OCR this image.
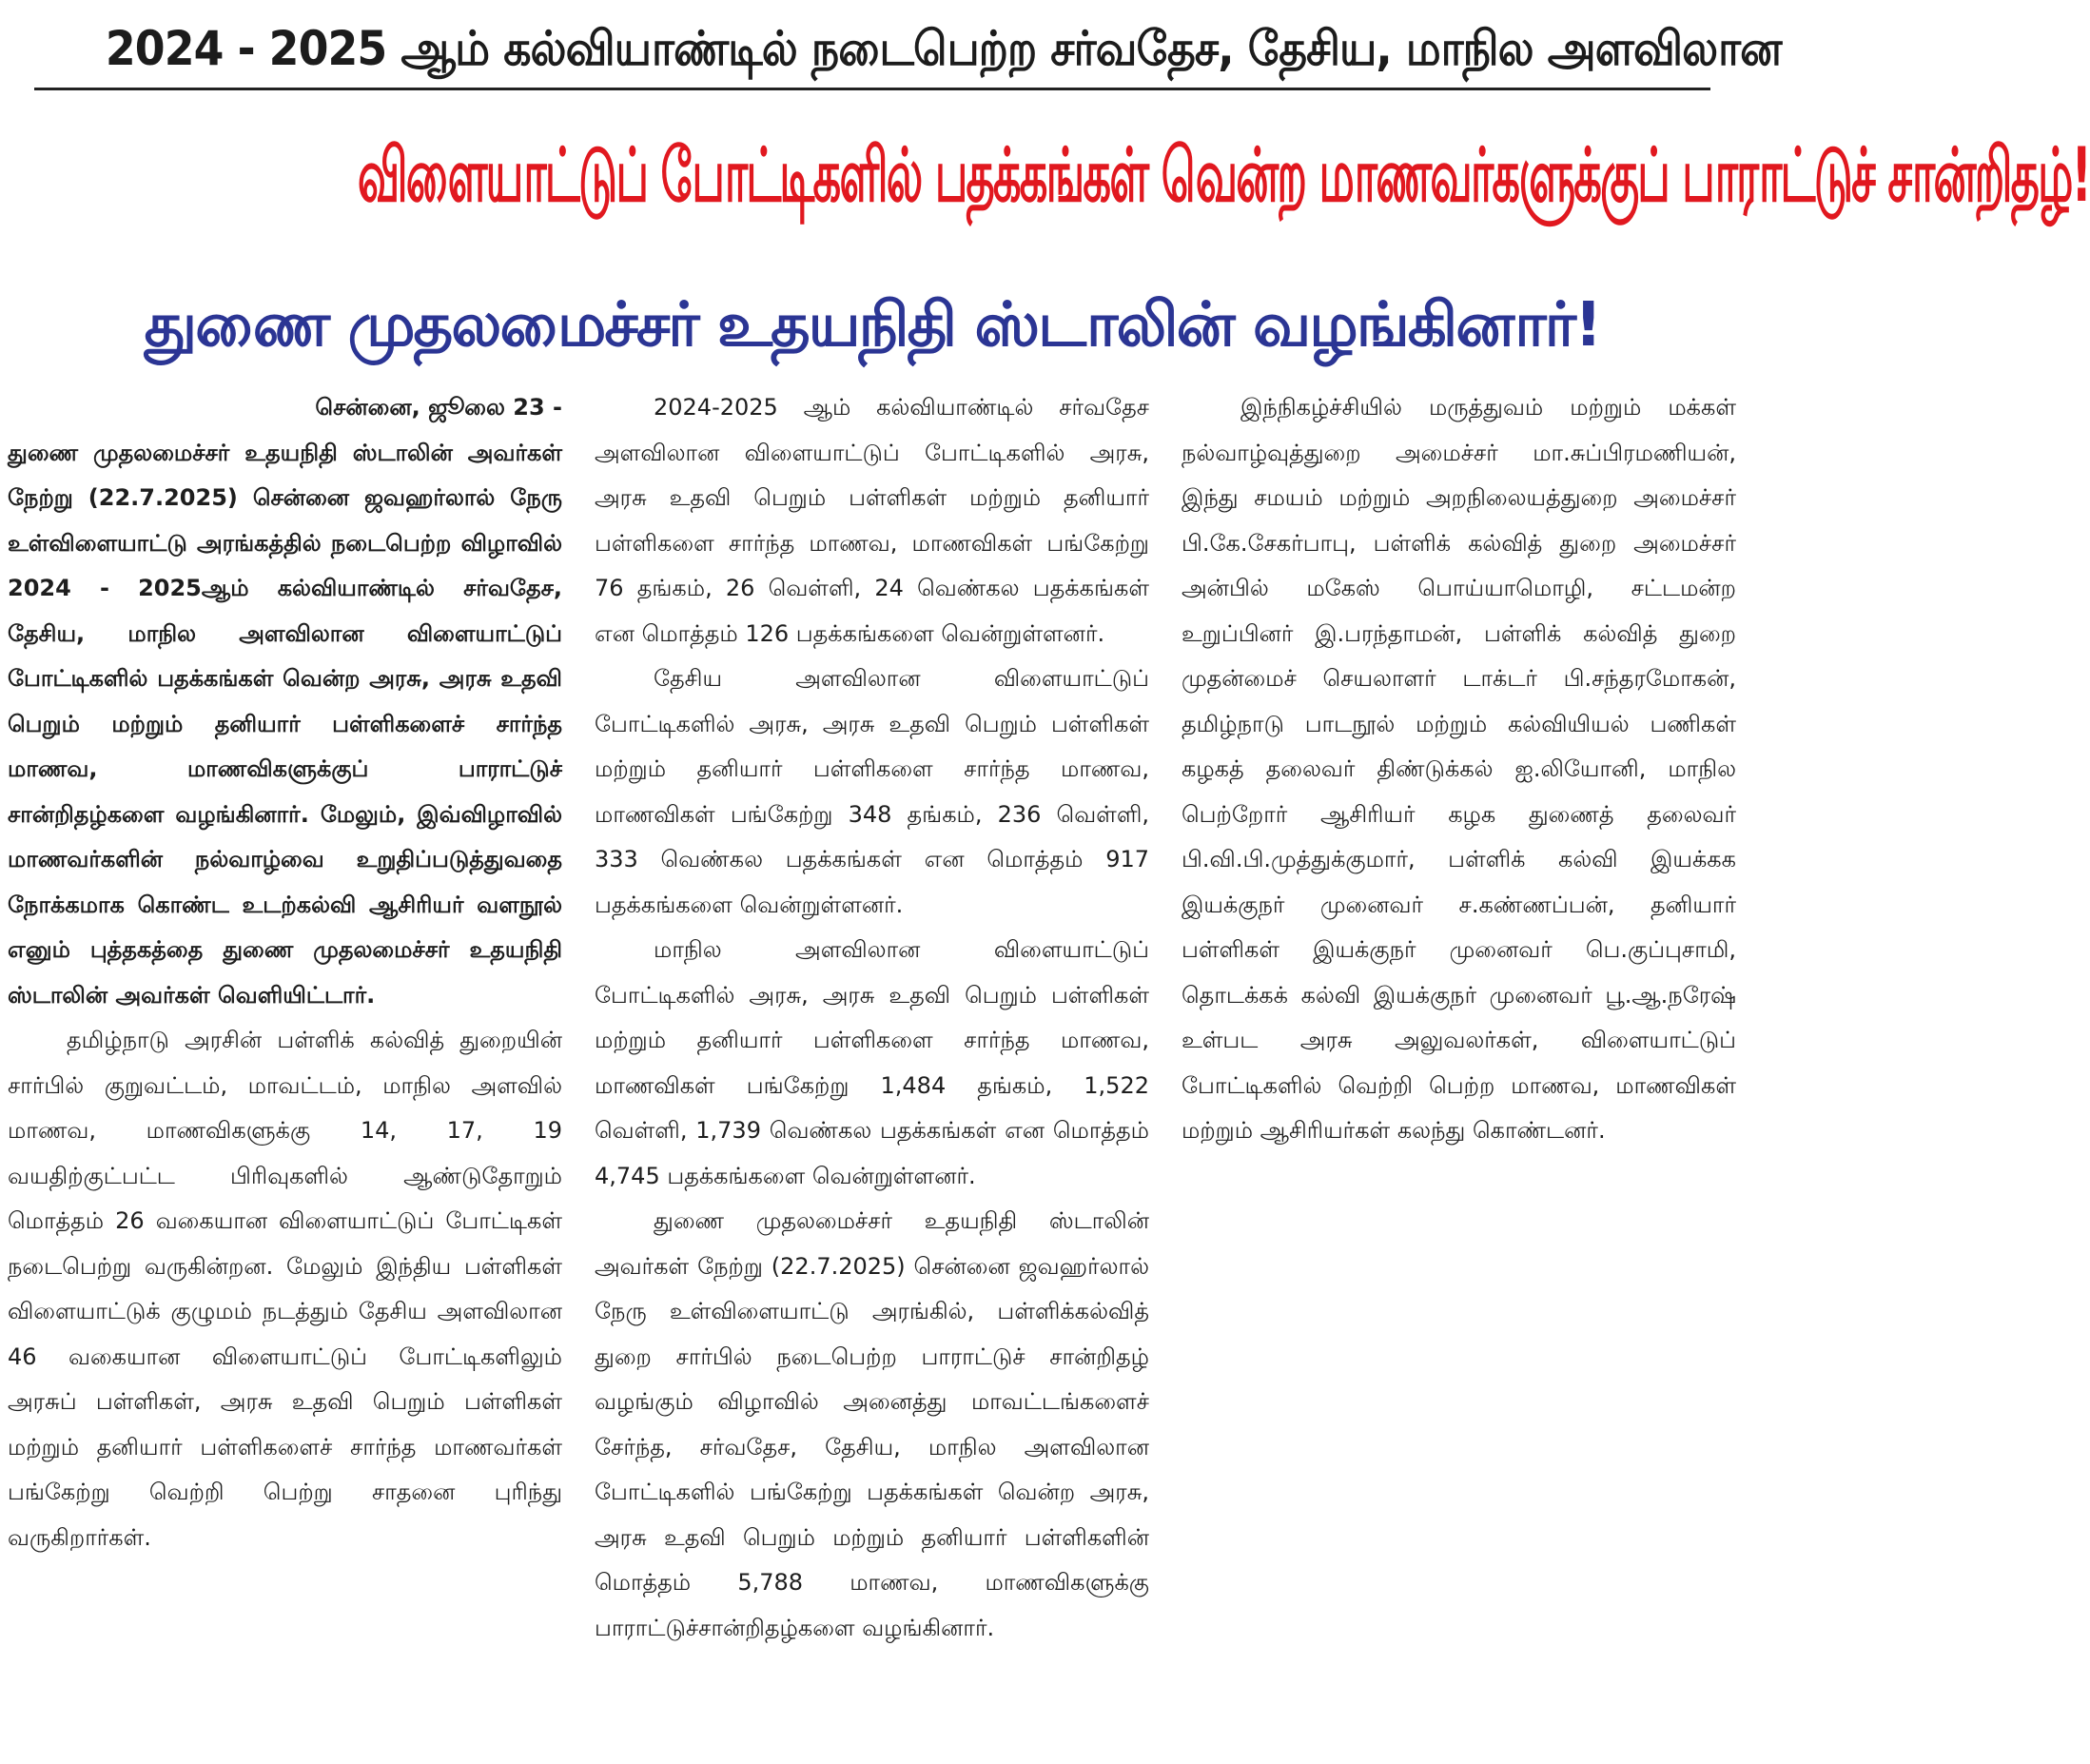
2024 - 2025 ஆம் கல்வியாண்டில் நடைபெற்ற சர்வதேச, தேசிய, மாநில அளவிலான
விளையாட்டுப் போட்டிகளில் பதக்கங்கள் வென்ற மாணவர்களுக்குப் பாராட்டுச் சான்றிதழ்!
துணை முதலமைச்சர் உதயநிதி ஸ்டாலின் வழங்கினார்!

சென்னை, ஜூலை 23 -
துணை முதலமைச்சர் உதயநிதி ஸ்டாலின் அவர்கள் நேற்று (22.7.2025) சென்னை ஜவஹர்லால் நேரு உள்விளையாட்டு அரங்கத்தில் நடைபெற்ற விழாவில் 2024 - 2025ஆம் கல்வியாண்டில் சர்வதேச, தேசிய, மாநில அளவிலான விளையாட்டுப் போட்டிகளில் பதக்கங்கள் வென்ற அரசு, அரசு உதவி பெறும் மற்றும் தனியார் பள்ளிகளைச் சார்ந்த மாணவ, மாணவிகளுக்குப் பாராட்டுச் சான்றிதழ்களை வழங்கினார். மேலும், இவ்விழாவில் மாணவர்களின் நல்வாழ்வை உறுதிப்படுத்துவதை நோக்கமாக கொண்ட உடற்கல்வி ஆசிரியர் வளநூல் எனும் புத்தகத்தை துணை முதலமைச்சர் உதயநிதி ஸ்டாலின் அவர்கள் வெளியிட்டார்.

தமிழ்நாடு அரசின் பள்ளிக் கல்வித் துறையின் சார்பில் குறுவட்டம், மாவட்டம், மாநில அளவில் மாணவ, மாணவிகளுக்கு 14, 17, 19 வயதிற்குட்பட்ட பிரிவுகளில் ஆண்டுதோறும் மொத்தம் 26 வகையான விளையாட்டுப் போட்டிகள் நடைபெற்று வருகின்றன. மேலும் இந்திய பள்ளிகள் விளையாட்டுக் குழுமம் நடத்தும் தேசிய அளவிலான 46 வகையான விளையாட்டுப் போட்டிகளிலும் அரசுப் பள்ளிகள், அரசு உதவி பெறும் பள்ளிகள் மற்றும் தனியார் பள்ளிகளைச் சார்ந்த மாணவர்கள் பங்கேற்று வெற்றி பெற்று சாதனை புரிந்து வருகிறார்கள்.

2024-2025 ஆம் கல்வியாண்டில் சர்வதேச அளவிலான விளையாட்டுப் போட்டிகளில் அரசு, அரசு உதவி பெறும் பள்ளிகள் மற்றும் தனியார் பள்ளிகளை சார்ந்த மாணவ, மாணவிகள் பங்கேற்று 76 தங்கம், 26 வெள்ளி, 24 வெண்கல பதக்கங்கள் என மொத்தம் 126 பதக்கங்களை வென்றுள்ளனர்.

தேசிய அளவிலான விளையாட்டுப் போட்டிகளில் அரசு, அரசு உதவி பெறும் பள்ளிகள் மற்றும் தனியார் பள்ளிகளை சார்ந்த மாணவ, மாணவிகள் பங்கேற்று 348 தங்கம், 236 வெள்ளி, 333 வெண்கல பதக்கங்கள் என மொத்தம் 917 பதக்கங்களை வென்றுள்ளனர்.

மாநில அளவிலான விளையாட்டுப் போட்டிகளில் அரசு, அரசு உதவி பெறும் பள்ளிகள் மற்றும் தனியார் பள்ளிகளை சார்ந்த மாணவ, மாணவிகள் பங்கேற்று 1,484 தங்கம், 1,522 வெள்ளி, 1,739 வெண்கல பதக்கங்கள் என மொத்தம் 4,745 பதக்கங்களை வென்றுள்ளனர்.

துணை முதலமைச்சர் உதயநிதி ஸ்டாலின் அவர்கள் நேற்று (22.7.2025) சென்னை ஜவஹர்லால் நேரு உள்விளையாட்டு அரங்கில், பள்ளிக்கல்வித் துறை சார்பில் நடைபெற்ற பாராட்டுச் சான்றிதழ் வழங்கும் விழாவில் அனைத்து மாவட்டங்களைச் சேர்ந்த, சர்வதேச, தேசிய, மாநில அளவிலான போட்டிகளில் பங்கேற்று பதக்கங்கள் வென்ற அரசு, அரசு உதவி பெறும் மற்றும் தனியார் பள்ளிகளின் மொத்தம் 5,788 மாணவ, மாணவிகளுக்கு பாராட்டுச்சான்றிதழ்களை வழங்கினார்.

இந்நிகழ்ச்சியில் மருத்துவம் மற்றும் மக்கள் நல்வாழ்வுத்துறை அமைச்சர் மா.சுப்பிரமணியன், இந்து சமயம் மற்றும் அறநிலையத்துறை அமைச்சர் பி.கே.சேகர்பாபு, பள்ளிக் கல்வித் துறை அமைச்சர் அன்பில் மகேஸ் பொய்யாமொழி, சட்டமன்ற உறுப்பினர் இ.பரந்தாமன், பள்ளிக் கல்வித் துறை முதன்மைச் செயலாளர் டாக்டர் பி.சந்தரமோகன், தமிழ்நாடு பாடநூல் மற்றும் கல்வியியல் பணிகள் கழகத் தலைவர் திண்டுக்கல் ஐ.லியோனி, மாநில பெற்றோர் ஆசிரியர் கழக துணைத் தலைவர் பி.வி.பி.முத்துக்குமார், பள்ளிக் கல்வி இயக்கக இயக்குநர் முனைவர் ச.கண்ணப்பன், தனியார் பள்ளிகள் இயக்குநர் முனைவர் பெ.குப்புசாமி, தொடக்கக் கல்வி இயக்குநர் முனைவர் பூ.ஆ.நரேஷ் உள்பட அரசு அலுவலர்கள், விளையாட்டுப் போட்டிகளில் வெற்றி பெற்ற மாணவ, மாணவிகள் மற்றும் ஆசிரியர்கள் கலந்து கொண்டனர்.
